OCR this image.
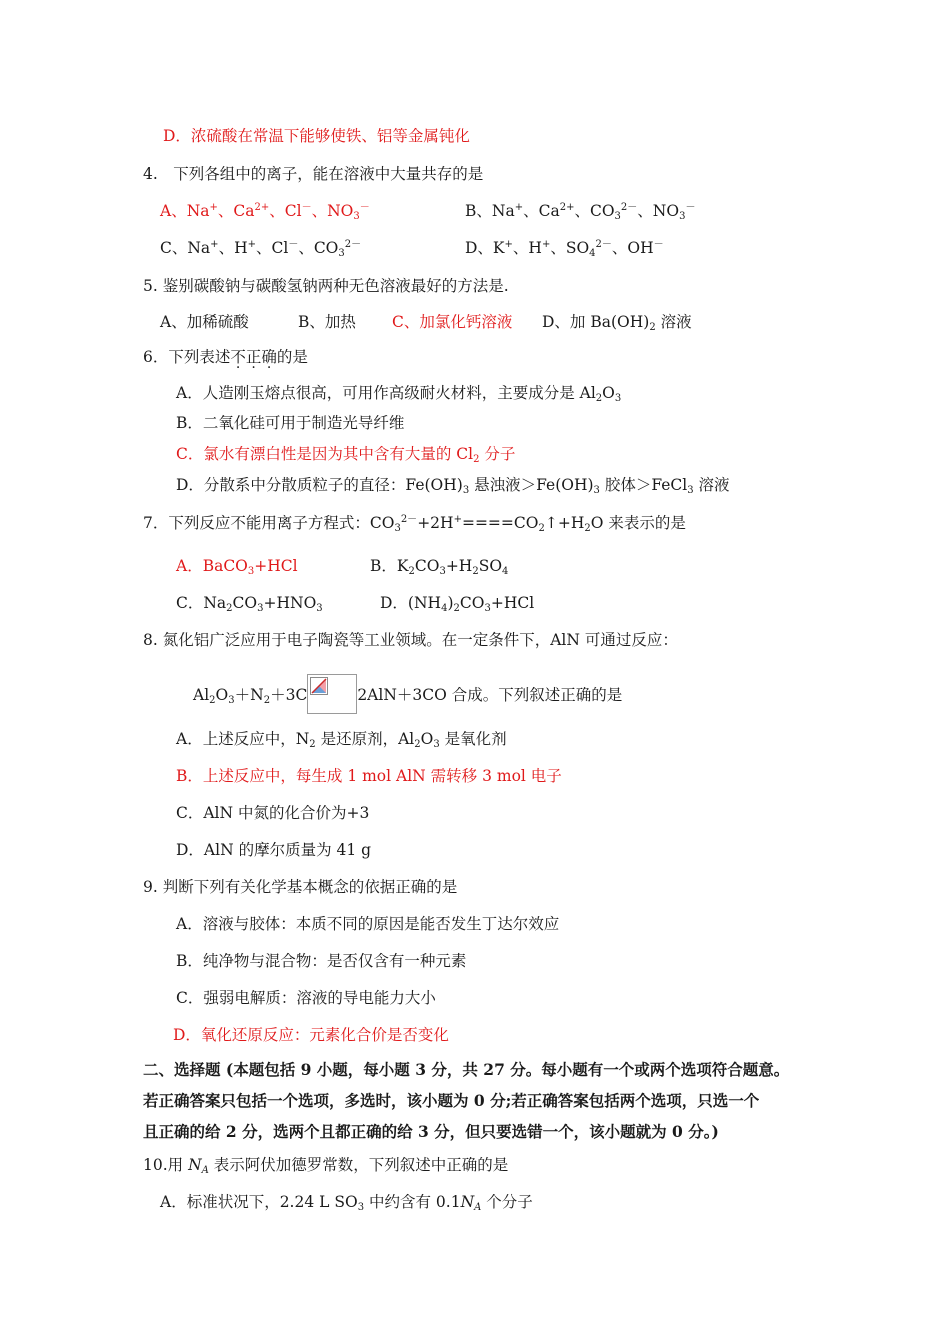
D．浓硫酸在常温下能够使铁、铝等金属钝化
4.　下列各组中的离子，能在溶液中大量共存的是
A、Na+、$Ca^{2+}$、Cl－、$NO_3^-$	B、Na+、$Ca^{2+}$、$CO_3^{2-}$、$NO_3^-$
C、Na+、H+、Cl－、$CO_3^{2-}$	D、K+、H+、$SO_4^{2-}$、OH－
5. 鉴别碳酸钠与碳酸氢钠两种无色溶液最好的方法是.
A、加稀硫酸	B、加热 C、加氯化钙溶液 D、加 $Ba(OH)_2$ 溶液
6．下列表述不正确的是
A．人造刚玉熔点很高，可用作高级耐火材料，主要成分是 $Al_2O_3$
B．二氧化硅可用于制造光导纤维
C．氯水有漂白性是因为其中含有大量的 $Cl_2$ 分子
D．分散系中分散质粒子的直径：$Fe(OH)_3$ 悬浊液$>Fe(OH)_3$ 胶体＞FeCl$_3$ 溶液
7．下列反应不能用离子方程式：$CO_3^{2-}+2H^+====CO_2↑+H_2O$ 来表示的是
A．BaCO$_3$+HCl	B．$K_2CO_3+H_2SO_4$
C．$Na_2CO_3+HNO_3$	D．$(NH_4)_2CO_3+HCl$
8. 氮化铝广泛应用于电子陶瓷等工业领域。在一定条件下，AlN 可通过反应：
$Al_2O_3+N_2+3C$	2AlN＋3CO 合成。下列叙述正确的是
A．上述反应中，$N_2$ 是还原剂，$Al_2O_3$ 是氧化剂
B．上述反应中，每生成 1 mol AlN 需转移 3 mol 电子
C．AlN 中氮的化合价为+3
D．AlN 的摩尔质量为 41 g
9. 判断下列有关化学基本概念的依据正确的是
A．溶液与胶体：本质不同的原因是能否发生丁达尔效应
B．纯净物与混合物：是否仅含有一种元素
C．强弱电解质：溶液的导电能力大小
D．氧化还原反应：元素化合价是否变化
二、选择题 (本题包括 9 小题，每小题 3 分，共 27 分。每小题有一个或两个选项符合题意。
若正确答案只包括一个选项，多选时，该小题为 0 分;若正确答案包括两个选项，只选一个
且正确的给 2 分，选两个且都正确的给 3 分，但只要选错一个，该小题就为 0 分。)
10.用 $N_A$ 表示阿伏加德罗常数，下列叙述中正确的是
A．标准状况下，2.24 L $SO_3$ 中约含有 $0.1N_A$ 个分子
